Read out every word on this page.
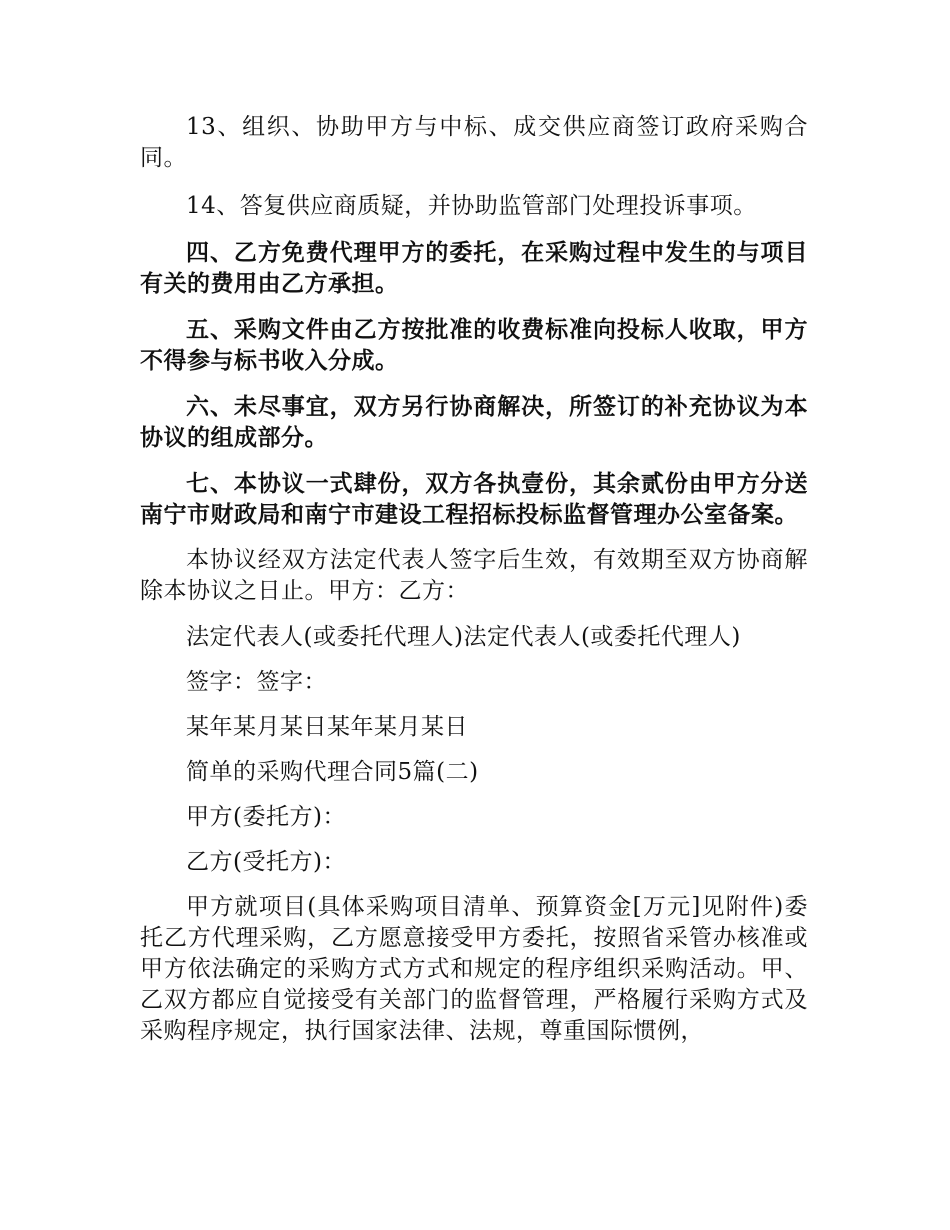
13、组织、协助甲方与中标、成交供应商签订政府采购合同。

14、答复供应商质疑，并协助监管部门处理投诉事项。

四、乙方免费代理甲方的委托，在采购过程中发生的与项目有关的费用由乙方承担。

五、采购文件由乙方按批准的收费标准向投标人收取，甲方不得参与标书收入分成。

六、未尽事宜，双方另行协商解决，所签订的补充协议为本协议的组成部分。

七、本协议一式肆份，双方各执壹份，其余贰份由甲方分送南宁市财政局和南宁市建设工程招标投标监督管理办公室备案。

本协议经双方法定代表人签字后生效，有效期至双方协商解除本协议之日止。甲方：乙方：

法定代表人(或委托代理人)法定代表人(或委托代理人)

签字：签字：

某年某月某日某年某月某日

简单的采购代理合同5篇(二)

甲方(委托方)：

乙方(受托方)：

甲方就项目(具体采购项目清单、预算资金[万元]见附件)委托乙方代理采购，乙方愿意接受甲方委托，按照省采管办核准或甲方依法确定的采购方式方式和规定的程序组织采购活动。甲、乙双方都应自觉接受有关部门的监督管理，严格履行采购方式及采购程序规定，执行国家法律、法规，尊重国际惯例，
